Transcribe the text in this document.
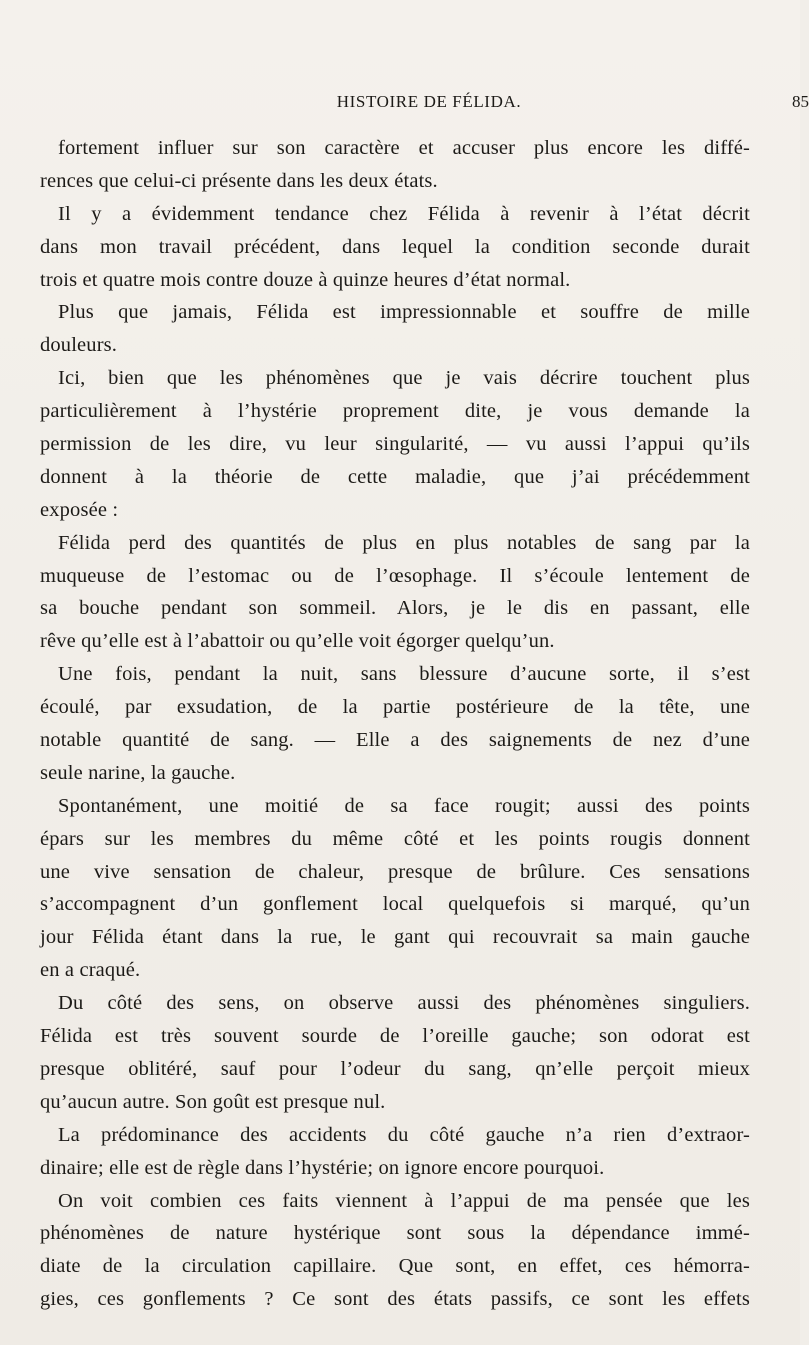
HISTOIRE DE FÉLIDA.	85
fortement influer sur son caractère et accuser plus encore les diffé-
rences que celui-ci présente dans les deux états.
Il y a évidemment tendance chez Félida à revenir à l’état décrit
dans mon travail précédent, dans lequel la condition seconde durait
trois et quatre mois contre douze à quinze heures d’état normal.
Plus que jamais, Félida est impressionnable et souffre de mille
douleurs.
Ici, bien que les phénomènes que je vais décrire touchent plus
particulièrement à l’hystérie proprement dite, je vous demande la
permission de les dire, vu leur singularité, — vu aussi l’appui qu’ils
donnent à la théorie de cette maladie, que j’ai précédemment
exposée :
Félida perd des quantités de plus en plus notables de sang par la
muqueuse de l’estomac ou de l’œsophage. Il s’écoule lentement de
sa bouche pendant son sommeil. Alors, je le dis en passant, elle
rêve qu’elle est à l’abattoir ou qu’elle voit égorger quelqu’un.
Une fois, pendant la nuit, sans blessure d’aucune sorte, il s’est
écoulé, par exsudation, de la partie postérieure de la tête, une
notable quantité de sang. — Elle a des saignements de nez d’une
seule narine, la gauche.
Spontanément, une moitié de sa face rougit; aussi des points
épars sur les membres du même côté et les points rougis donnent
une vive sensation de chaleur, presque de brûlure. Ces sensations
s’accompagnent d’un gonflement local quelquefois si marqué, qu’un
jour Félida étant dans la rue, le gant qui recouvrait sa main gauche
en a craqué.
Du côté des sens, on observe aussi des phénomènes singuliers.
Félida est très souvent sourde de l’oreille gauche; son odorat est
presque oblitéré, sauf pour l’odeur du sang, qn’elle perçoit mieux
qu’aucun autre. Son goût est presque nul.
La prédominance des accidents du côté gauche n’a rien d’extraor-
dinaire; elle est de règle dans l’hystérie; on ignore encore pourquoi.
On voit combien ces faits viennent à l’appui de ma pensée que les
phénomènes de nature hystérique sont sous la dépendance immé-
diate de la circulation capillaire. Que sont, en effet, ces hémorra-
gies, ces gonflements ? Ce sont des états passifs, ce sont les effets
